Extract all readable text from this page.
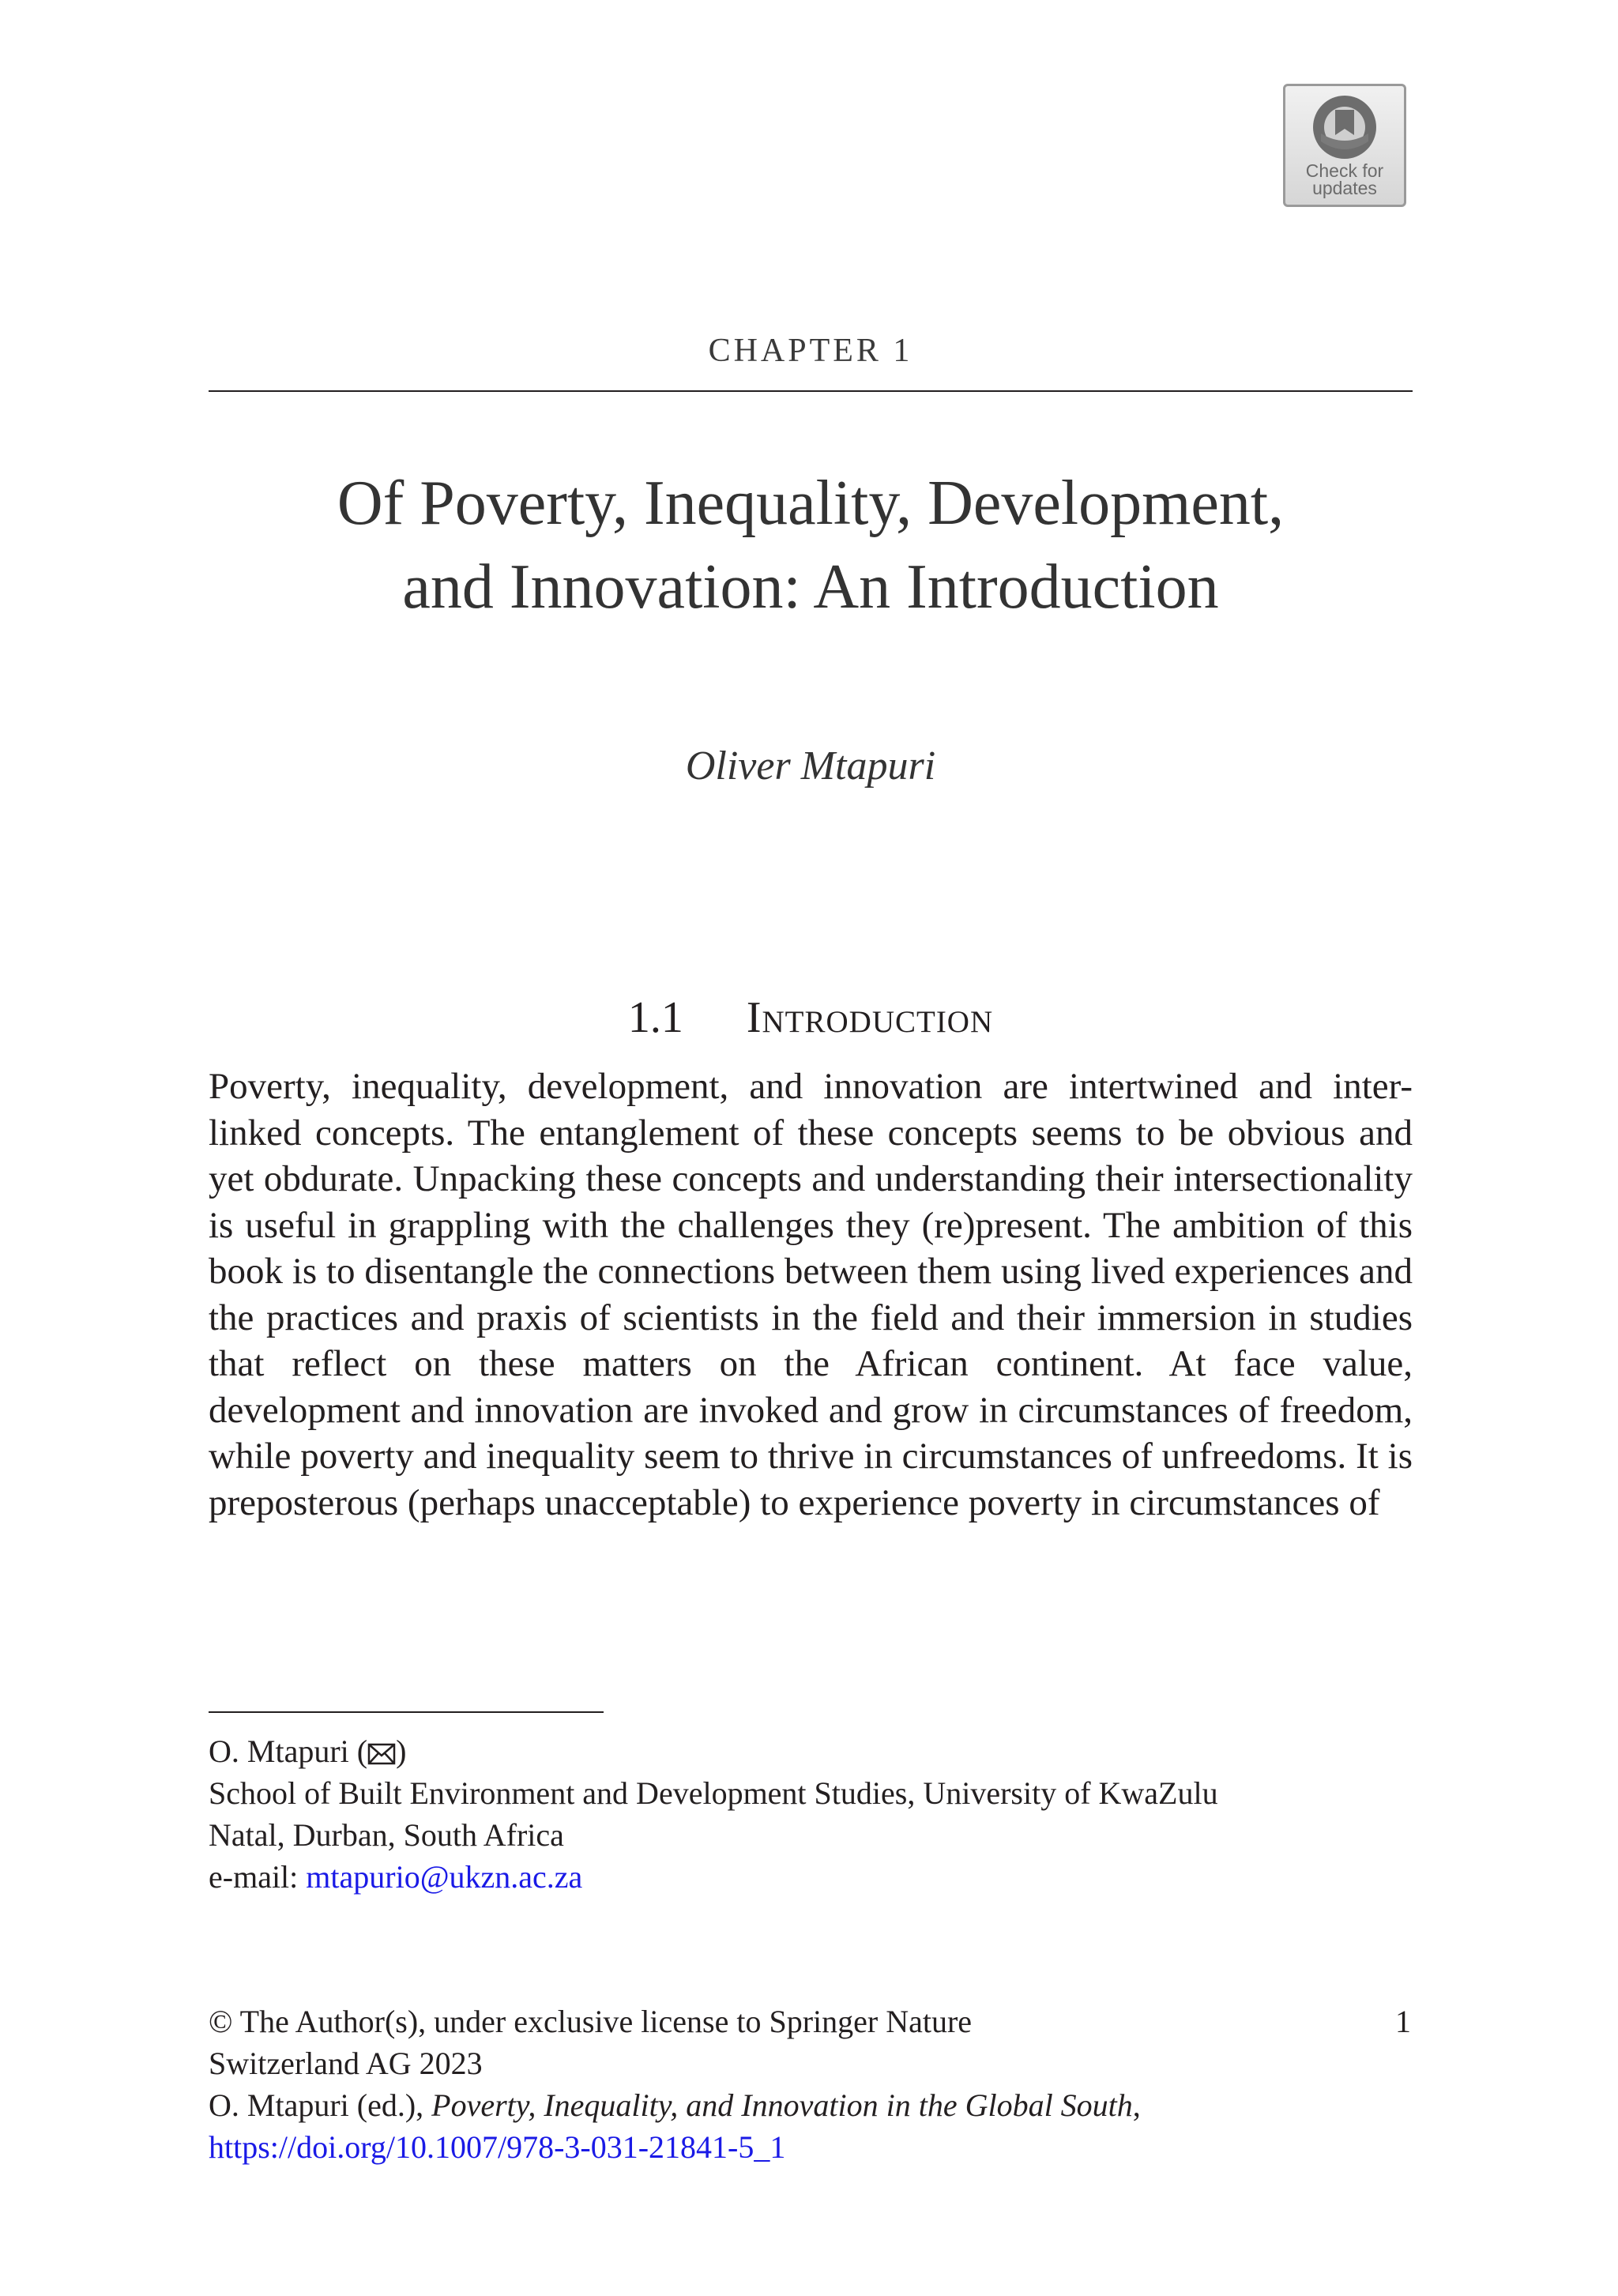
Check for updates
CHAPTER 1
Of Poverty, Inequality, Development,
and Innovation: An Introduction
Oliver Mtapuri
1.1 Introduction

Poverty, inequality, development, and innovation are intertwined and inter-linked concepts. The entanglement of these concepts seems to be obvious and yet obdurate. Unpacking these concepts and understanding their intersectionality is useful in grappling with the challenges they (re)present. The ambition of this book is to disentangle the connections between them using lived experiences and the practices and praxis of scientists in the field and their immersion in studies that reflect on these matters on the African continent. At face value, development and innovation are invoked and grow in circumstances of freedom, while poverty and inequality seem to thrive in circumstances of unfreedoms. It is preposterous (perhaps unacceptable) to experience poverty in circumstances of

O. Mtapuri ( )
School of Built Environment and Development Studies, University of KwaZulu
Natal, Durban, South Africa
e-mail: mtapurio@ukzn.ac.za
© The Author(s), under exclusive license to Springer Nature
Switzerland AG 2023
O. Mtapuri (ed.), Poverty, Inequality, and Innovation in the Global South,
https://doi.org/10.1007/978-3-031-21841-5_1
1
